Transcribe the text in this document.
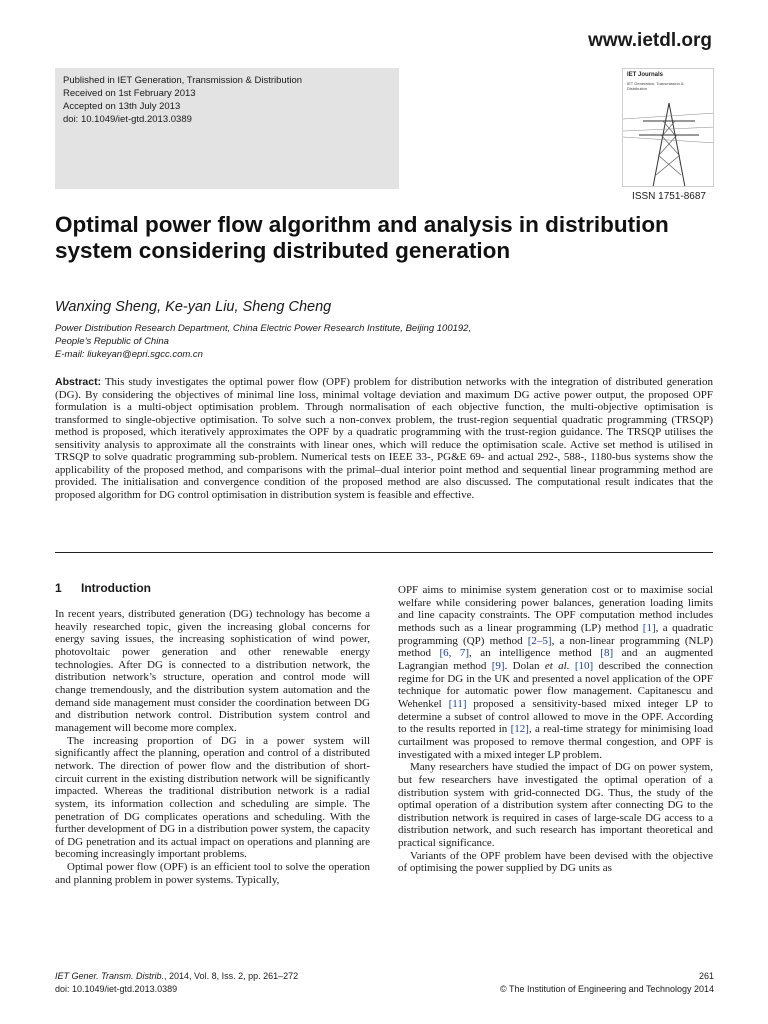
www.ietdl.org
Published in IET Generation, Transmission & Distribution
Received on 1st February 2013
Accepted on 13th July 2013
doi: 10.1049/iet-gtd.2013.0389
IET Journals
IET Generation, Transmission & Distribution
ISSN 1751-8687
Optimal power flow algorithm and analysis in distribution system considering distributed generation
Wanxing Sheng, Ke-yan Liu, Sheng Cheng
Power Distribution Research Department, China Electric Power Research Institute, Beijing 100192,
People’s Republic of China
E-mail: liukeyan@epri.sgcc.com.cn
Abstract: This study investigates the optimal power flow (OPF) problem for distribution networks with the integration of distributed generation (DG). By considering the objectives of minimal line loss, minimal voltage deviation and maximum DG active power output, the proposed OPF formulation is a multi-object optimisation problem. Through normalisation of each objective function, the multi-objective optimisation is transformed to single-objective optimisation. To solve such a non-convex problem, the trust-region sequential quadratic programming (TRSQP) method is proposed, which iteratively approximates the OPF by a quadratic programming with the trust-region guidance. The TRSQP utilises the sensitivity analysis to approximate all the constraints with linear ones, which will reduce the optimisation scale. Active set method is utilised in TRSQP to solve quadratic programming sub-problem. Numerical tests on IEEE 33-, PG&E 69- and actual 292-, 588-, 1180-bus systems show the applicability of the proposed method, and comparisons with the primal–dual interior point method and sequential linear programming method are provided. The initialisation and convergence condition of the proposed method are also discussed. The computational result indicates that the proposed algorithm for DG control optimisation in distribution system is feasible and effective.
1 Introduction

In recent years, distributed generation (DG) technology has become a heavily researched topic, given the increasing global concerns for energy saving issues, the increasing sophistication of wind power, photovoltaic power generation and other renewable energy technologies. After DG is connected to a distribution network, the distribution network’s structure, operation and control mode will change tremendously, and the distribution system automation and the demand side management must consider the coordination between DG and distribution network control. Distribution system control and management will become more complex.

The increasing proportion of DG in a power system will significantly affect the planning, operation and control of a distributed network. The direction of power flow and the distribution of short-circuit current in the existing distribution network will be significantly impacted. Whereas the traditional distribution network is a radial system, its information collection and scheduling are simple. The penetration of DG complicates operations and scheduling. With the further development of DG in a distribution power system, the capacity of DG penetration and its actual impact on operations and planning are becoming increasingly important problems.

Optimal power flow (OPF) is an efficient tool to solve the operation and planning problem in power systems. Typically,

OPF aims to minimise system generation cost or to maximise social welfare while considering power balances, generation loading limits and line capacity constraints. The OPF computation method includes methods such as a linear programming (LP) method [1], a quadratic programming (QP) method [2–5], a non-linear programming (NLP) method [6, 7], an intelligence method [8] and an augmented Lagrangian method [9]. Dolan et al. [10] described the connection regime for DG in the UK and presented a novel application of the OPF technique for automatic power flow management. Capitanescu and Wehenkel [11] proposed a sensitivity-based mixed integer LP to determine a subset of control allowed to move in the OPF. According to the results reported in [12], a real-time strategy for minimising load curtailment was proposed to remove thermal congestion, and OPF is investigated with a mixed integer LP problem.

Many researchers have studied the impact of DG on power system, but few researchers have investigated the optimal operation of a distribution system with grid-connected DG. Thus, the study of the optimal operation of a distribution system after connecting DG to the distribution network is required in cases of large-scale DG access to a distribution network, and such research has important theoretical and practical significance.

Variants of the OPF problem have been devised with the objective of optimising the power supplied by DG units as

IET Gener. Transm. Distrib., 2014, Vol. 8, Iss. 2, pp. 261–272
doi: 10.1049/iet-gtd.2013.0389
261
© The Institution of Engineering and Technology 2014
